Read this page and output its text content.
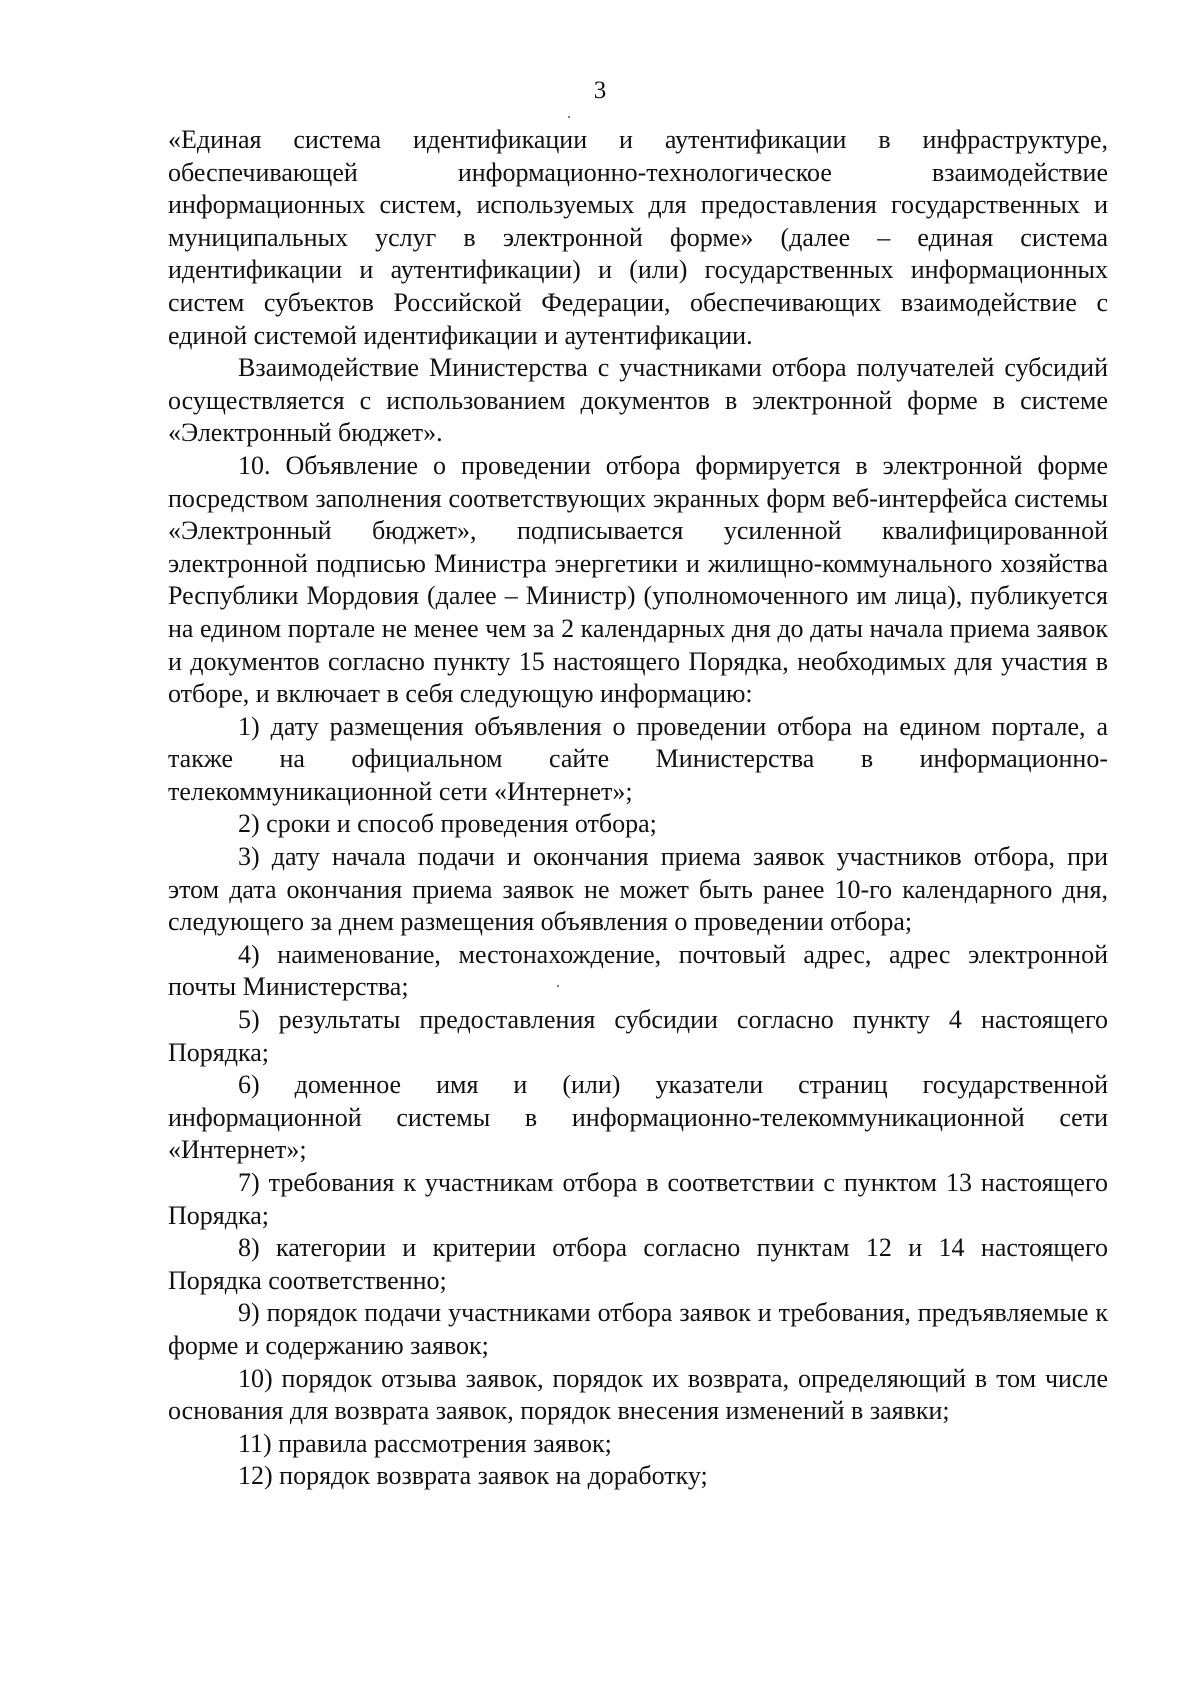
3

«Единая система идентификации и аутентификации в инфраструктуре, обеспечивающей информационно-технологическое взаимодействие информационных систем, используемых для предоставления государственных и муниципальных услуг в электронной форме» (далее – единая система идентификации и аутентификации) и (или) государственных информационных систем субъектов Российской Федерации, обеспечивающих взаимодействие с единой системой идентификации и аутентификации.

Взаимодействие Министерства с участниками отбора получателей субсидий осуществляется с использованием документов в электронной форме в системе «Электронный бюджет».

10. Объявление о проведении отбора формируется в электронной форме посредством заполнения соответствующих экранных форм веб-интерфейса системы «Электронный бюджет», подписывается усиленной квалифицированной электронной подписью Министра энергетики и жилищно-коммунального хозяйства Республики Мордовия (далее – Министр) (уполномоченного им лица), публикуется на едином портале не менее чем за 2 календарных дня до даты начала приема заявок и документов согласно пункту 15 настоящего Порядка, необходимых для участия в отборе, и включает в себя следующую информацию:

1) дату размещения объявления о проведении отбора на едином портале, а также на официальном сайте Министерства в информационно-телекоммуникационной сети «Интернет»;

2) сроки и способ проведения отбора;

3) дату начала подачи и окончания приема заявок участников отбора, при этом дата окончания приема заявок не может быть ранее 10-го календарного дня, следующего за днем размещения объявления о проведении отбора;

4) наименование, местонахождение, почтовый адрес, адрес электронной почты Министерства;

5) результаты предоставления субсидии согласно пункту 4 настоящего Порядка;

6) доменное имя и (или) указатели страниц государственной информационной системы в информационно-телекоммуникационной сети «Интернет»;

7) требования к участникам отбора в соответствии с пунктом 13 настоящего Порядка;

8) категории и критерии отбора согласно пунктам 12 и 14 настоящего Порядка соответственно;

9) порядок подачи участниками отбора заявок и требования, предъявляемые к форме и содержанию заявок;

10) порядок отзыва заявок, порядок их возврата, определяющий в том числе основания для возврата заявок, порядок внесения изменений в заявки;

11) правила рассмотрения заявок;

12) порядок возврата заявок на доработку;
